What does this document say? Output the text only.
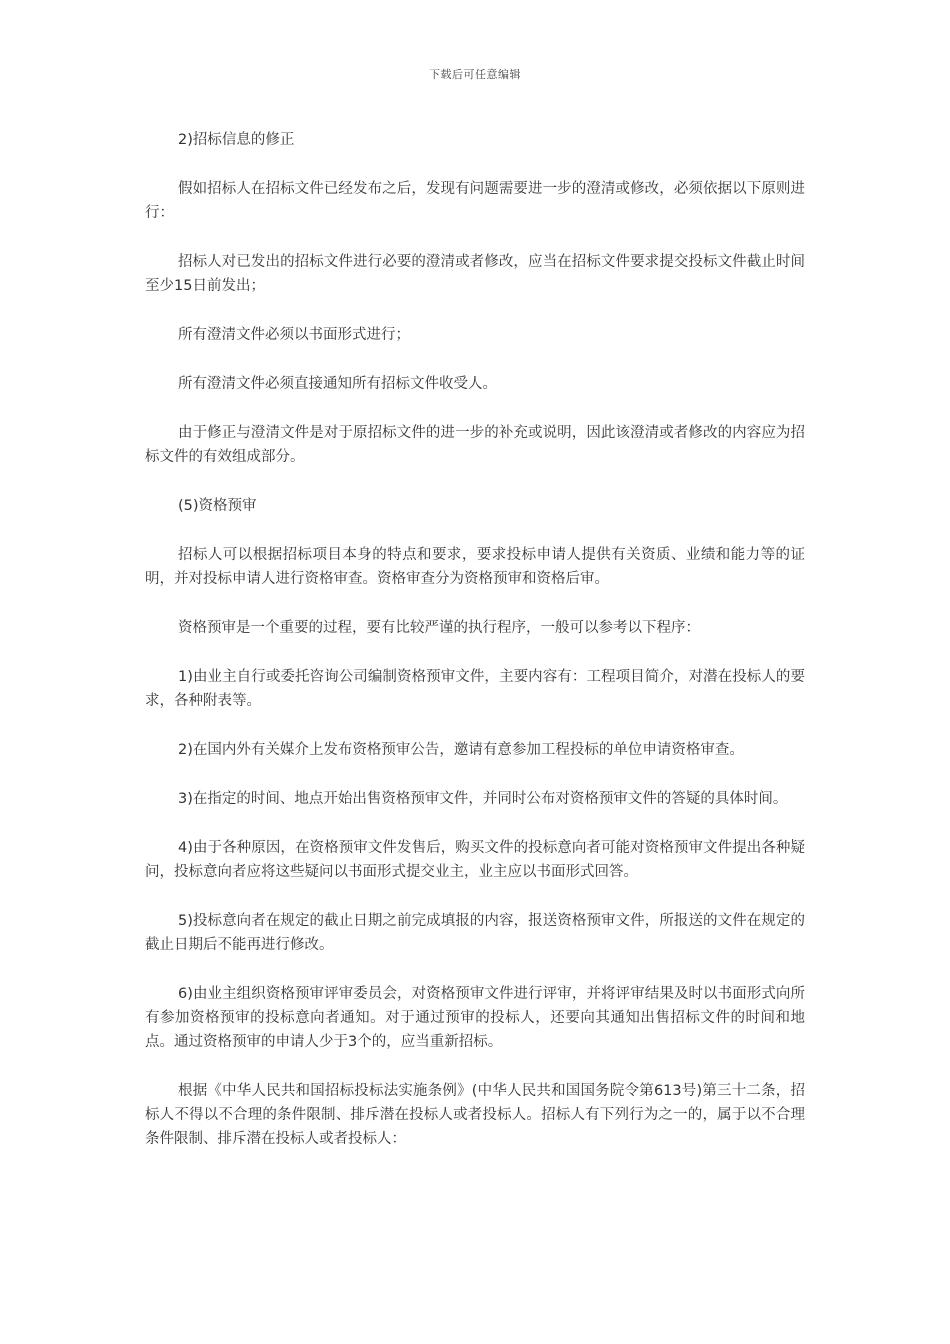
下载后可任意编辑

2)招标信息的修正

假如招标人在招标文件已经发布之后，发现有问题需要进一步的澄清或修改，必须依据以下原则进行：

招标人对已发出的招标文件进行必要的澄清或者修改，应当在招标文件要求提交投标文件截止时间至少15日前发出；

所有澄清文件必须以书面形式进行；

所有澄清文件必须直接通知所有招标文件收受人。

由于修正与澄清文件是对于原招标文件的进一步的补充或说明，因此该澄清或者修改的内容应为招标文件的有效组成部分。

(5)资格预审

招标人可以根据招标项目本身的特点和要求，要求投标申请人提供有关资质、业绩和能力等的证明，并对投标申请人进行资格审查。资格审查分为资格预审和资格后审。

资格预审是一个重要的过程，要有比较严谨的执行程序，一般可以参考以下程序：

1)由业主自行或委托咨询公司编制资格预审文件，主要内容有：工程项目简介，对潜在投标人的要求，各种附表等。

2)在国内外有关媒介上发布资格预审公告，邀请有意参加工程投标的单位申请资格审查。

3)在指定的时间、地点开始出售资格预审文件，并同时公布对资格预审文件的答疑的具体时间。

4)由于各种原因，在资格预审文件发售后，购买文件的投标意向者可能对资格预审文件提出各种疑问，投标意向者应将这些疑问以书面形式提交业主，业主应以书面形式回答。

5)投标意向者在规定的截止日期之前完成填报的内容，报送资格预审文件，所报送的文件在规定的截止日期后不能再进行修改。

6)由业主组织资格预审评审委员会，对资格预审文件进行评审，并将评审结果及时以书面形式向所有参加资格预审的投标意向者通知。对于通过预审的投标人，还要向其通知出售招标文件的时间和地点。通过资格预审的申请人少于3个的，应当重新招标。

根据《中华人民共和国招标投标法实施条例》(中华人民共和国国务院令第613号)第三十二条，招标人不得以不合理的条件限制、排斥潜在投标人或者投标人。招标人有下列行为之一的，属于以不合理条件限制、排斥潜在投标人或者投标人：
